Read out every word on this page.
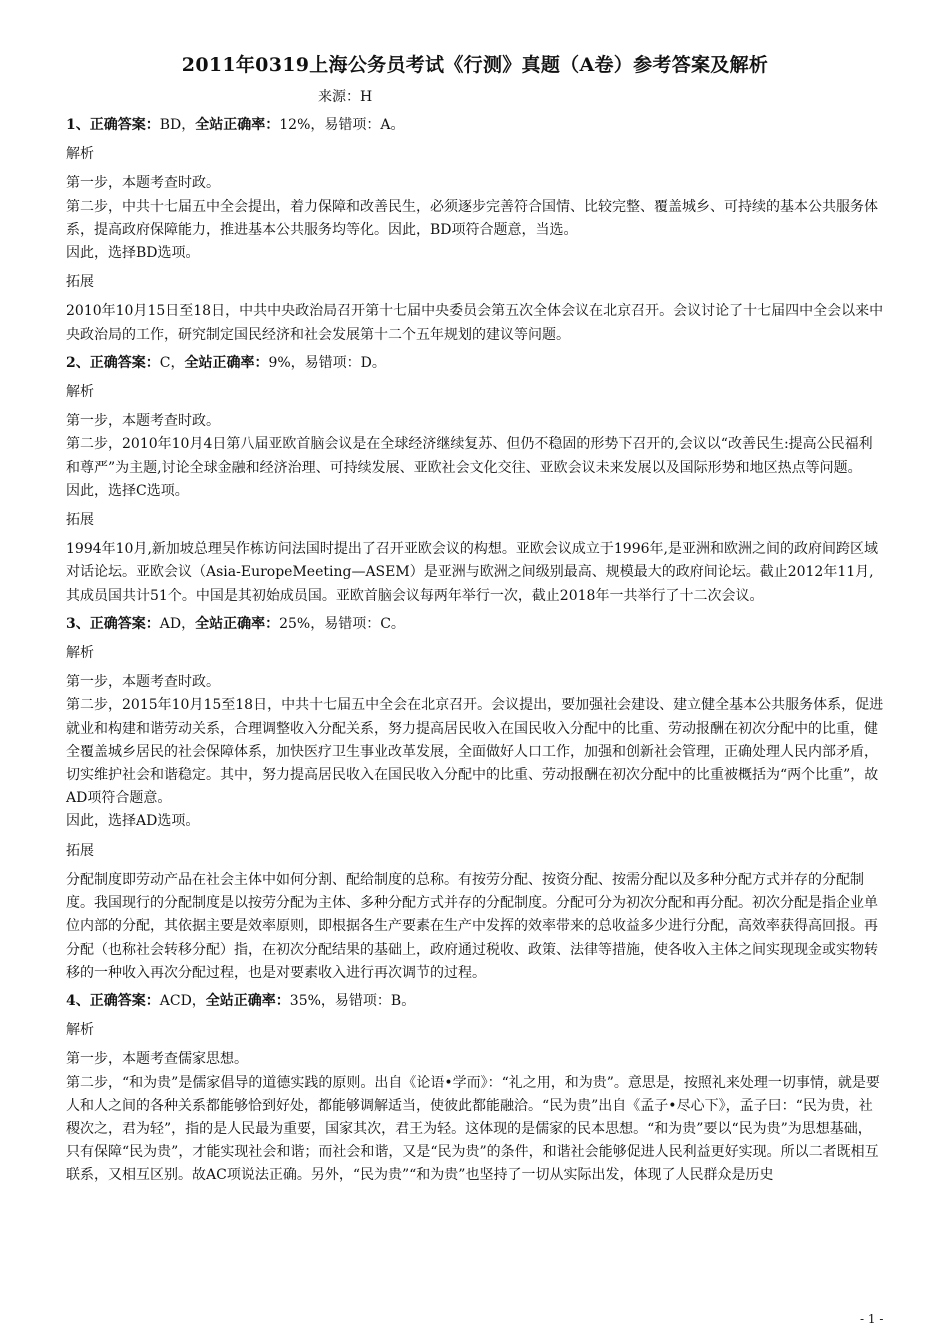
2011年0319上海公务员考试《行测》真题（A卷）参考答案及解析
来源：H

1、正确答案：BD，全站正确率：12%，易错项：A。

解析

第一步，本题考查时政。

第二步，中共十七届五中全会提出，着力保障和改善民生，必须逐步完善符合国情、比较完整、覆盖城乡、可持续的基本公共服务体系，提高政府保障能力，推进基本公共服务均等化。因此，BD项符合题意，当选。

因此，选择BD选项。

拓展

2010年10月15日至18日，中共中央政治局召开第十七届中央委员会第五次全体会议在北京召开。会议讨论了十七届四中全会以来中央政治局的工作，研究制定国民经济和社会发展第十二个五年规划的建议等问题。

2、正确答案：C，全站正确率：9%，易错项：D。

解析

第一步，本题考查时政。

第二步，2010年10月4日第八届亚欧首脑会议是在全球经济继续复苏、但仍不稳固的形势下召开的,会议以“改善民生:提高公民福利和尊严”为主题,讨论全球金融和经济治理、可持续发展、亚欧社会文化交往、亚欧会议未来发展以及国际形势和地区热点等问题。

因此，选择C选项。

拓展

1994年10月,新加坡总理吴作栋访问法国时提出了召开亚欧会议的构想。亚欧会议成立于1996年,是亚洲和欧洲之间的政府间跨区域对话论坛。亚欧会议（Asia-EuropeMeeting—ASEM）是亚洲与欧洲之间级别最高、规模最大的政府间论坛。截止2012年11月,其成员国共计51个。中国是其初始成员国。亚欧首脑会议每两年举行一次，截止2018年一共举行了十二次会议。

3、正确答案：AD，全站正确率：25%，易错项：C。

解析

第一步，本题考查时政。

第二步，2015年10月15至18日，中共十七届五中全会在北京召开。会议提出，要加强社会建设、建立健全基本公共服务体系，促进就业和构建和谐劳动关系，合理调整收入分配关系，努力提高居民收入在国民收入分配中的比重、劳动报酬在初次分配中的比重，健全覆盖城乡居民的社会保障体系，加快医疗卫生事业改革发展，全面做好人口工作，加强和创新社会管理，正确处理人民内部矛盾，切实维护社会和谐稳定。其中，努力提高居民收入在国民收入分配中的比重、劳动报酬在初次分配中的比重被概括为“两个比重”，故AD项符合题意。

因此，选择AD选项。

拓展

分配制度即劳动产品在社会主体中如何分割、配给制度的总称。有按劳分配、按资分配、按需分配以及多种分配方式并存的分配制度。我国现行的分配制度是以按劳分配为主体、多种分配方式并存的分配制度。分配可分为初次分配和再分配。初次分配是指企业单位内部的分配，其依据主要是效率原则，即根据各生产要素在生产中发挥的效率带来的总收益多少进行分配，高效率获得高回报。再分配（也称社会转移分配）指，在初次分配结果的基础上，政府通过税收、政策、法律等措施，使各收入主体之间实现现金或实物转移的一种收入再次分配过程，也是对要素收入进行再次调节的过程。

4、正确答案：ACD，全站正确率：35%，易错项：B。

解析

第一步，本题考查儒家思想。

第二步，“和为贵”是儒家倡导的道德实践的原则。出自《论语•学而》：“礼之用，和为贵”。意思是，按照礼来处理一切事情，就是要人和人之间的各种关系都能够恰到好处，都能够调解适当，使彼此都能融洽。“民为贵”出自《孟子•尽心下》，孟子曰：“民为贵，社稷次之，君为轻”，指的是人民最为重要，国家其次，君王为轻。这体现的是儒家的民本思想。“和为贵”要以“民为贵”为思想基础，只有保障“民为贵”，才能实现社会和谐；而社会和谐，又是“民为贵”的条件，和谐社会能够促进人民利益更好实现。所以二者既相互联系，又相互区别。故AC项说法正确。另外，“民为贵”“和为贵”也坚持了一切从实际出发，体现了人民群众是历史

- 1 -
